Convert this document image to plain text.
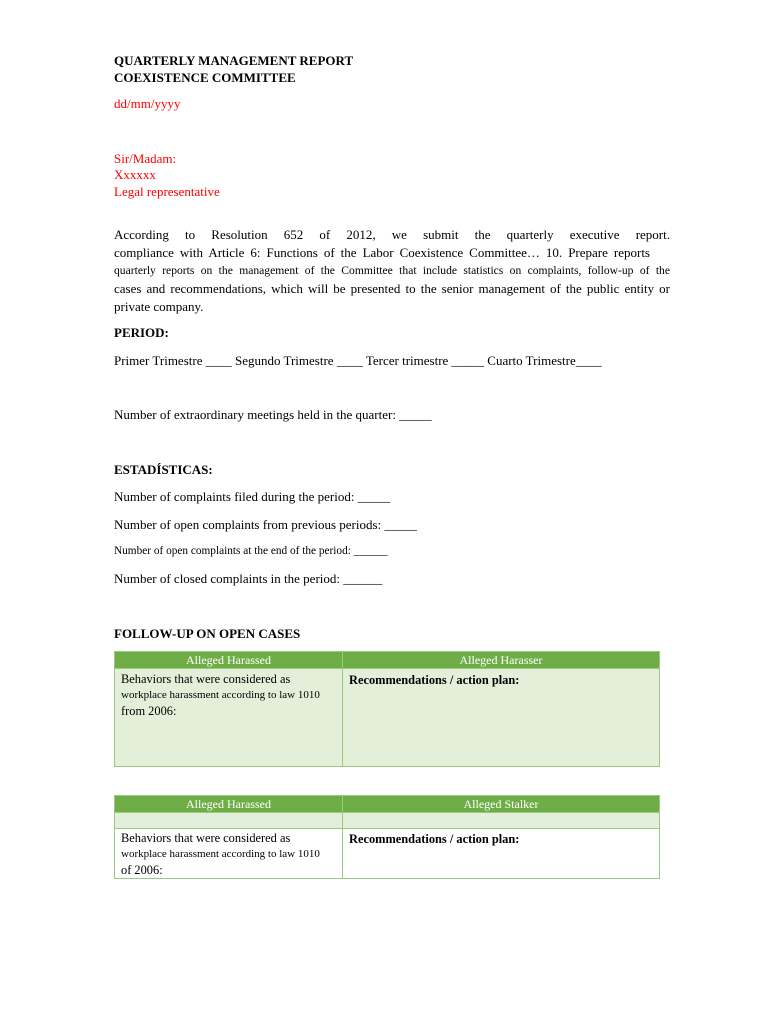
QUARTERLY MANAGEMENT REPORT
COEXISTENCE COMMITTEE
dd/mm/yyyy
Sir/Madam:
Xxxxxx
Legal representative
According to Resolution 652 of 2012, we submit the quarterly executive report.
compliance with Article 6: Functions of the Labor Coexistence Committee… 10. Prepare reports
quarterly reports on the management of the Committee that include statistics on complaints, follow-up of the
cases and recommendations, which will be presented to the senior management of the public entity or
private company.
PERIOD:
Primer Trimestre ____ Segundo Trimestre ____ Tercer trimestre _____ Cuarto Trimestre____
Number of extraordinary meetings held in the quarter: _____
ESTADÍSTICAS:
Number of complaints filed during the period: _____
Number of open complaints from previous periods: _____
Number of open complaints at the end of the period: ______
Number of closed complaints in the period: ______
FOLLOW-UP ON OPEN CASES
Alleged Harassed	Alleged Harasser

Behaviors that were considered as
workplace harassment according to law 1010
from 2006:	Recommendations / action plan:
Alleged Harassed	Alleged Stalker

Behaviors that were considered as
workplace harassment according to law 1010
of 2006:	Recommendations / action plan:
